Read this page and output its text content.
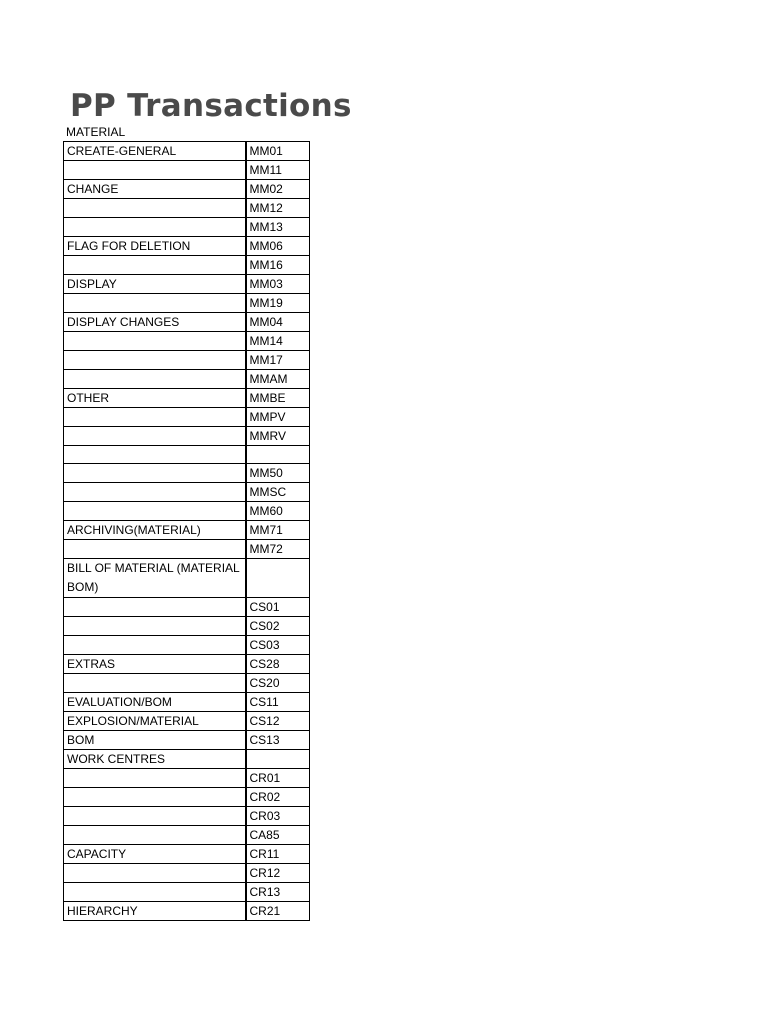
PP Transactions
MATERIAL
CREATE-GENERAL	MM01
	MM11
CHANGE	MM02
	MM12
	MM13
FLAG FOR DELETION	MM06
	MM16
DISPLAY	MM03
	MM19
DISPLAY CHANGES	MM04
	MM14
	MM17
	MMAM
OTHER	MMBE
	MMPV
	MMRV

	MM50
	MMSC
	MM60
ARCHIVING(MATERIAL)	MM71
	MM72
BILL OF MATERIAL (MATERIAL BOM)	
	CS01
	CS02
	CS03
EXTRAS	CS28
	CS20
EVALUATION/BOM	CS11
EXPLOSION/MATERIAL	CS12
BOM	CS13
WORK CENTRES	
	CR01
	CR02
	CR03
	CA85
CAPACITY	CR11
	CR12
	CR13
HIERARCHY	CR21
